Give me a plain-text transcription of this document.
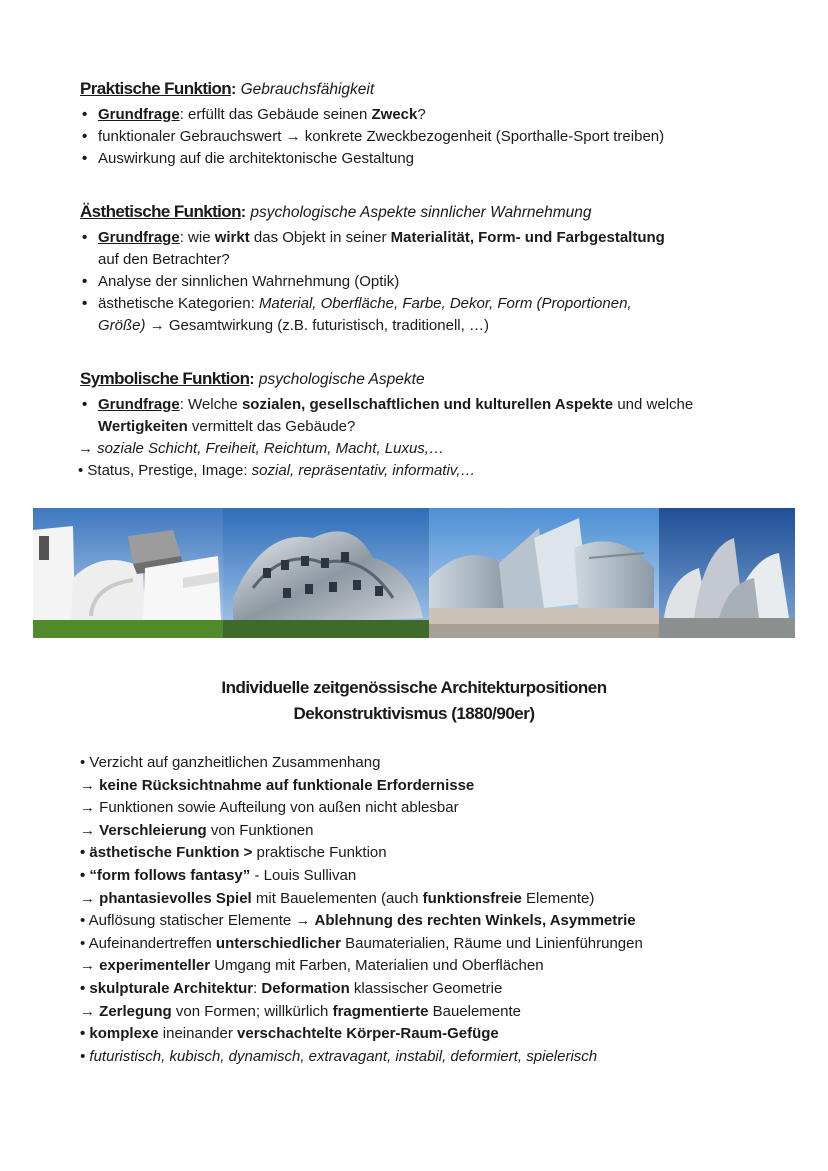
Praktische Funktion: Gebrauchsfähigkeit
• Grundfrage: erfüllt das Gebäude seinen Zweck?
• funktionaler Gebrauchswert → konkrete Zweckbezogenheit (Sporthalle-Sport treiben)
• Auswirkung auf die architektonische Gestaltung
Ästhetische Funktion: psychologische Aspekte sinnlicher Wahrnehmung
• Grundfrage: wie wirkt das Objekt in seiner Materialität, Form- und Farbgestaltung
auf den Betrachter?
• Analyse der sinnlichen Wahrnehmung (Optik)
• ästhetische Kategorien: Material, Oberfläche, Farbe, Dekor, Form (Proportionen,
Größe) → Gesamtwirkung (z.B. futuristisch, traditionell, …)
Symbolische Funktion: psychologische Aspekte
• Grundfrage: Welche sozialen, gesellschaftlichen und kulturellen Aspekte und welche
Wertigkeiten vermittelt das Gebäude?
→ soziale Schicht, Freiheit, Reichtum, Macht, Luxus,…
• Status, Prestige, Image: sozial, repräsentativ, informativ,…
Individuelle zeitgenössische Architekturpositionen
Dekonstruktivismus (1880/90er)
• Verzicht auf ganzheitlichen Zusammenhang
→ keine Rücksichtnahme auf funktionale Erfordernisse
→ Funktionen sowie Aufteilung von außen nicht ablesbar
→ Verschleierung von Funktionen
• ästhetische Funktion > praktische Funktion
• “form follows fantasy” - Louis Sullivan
→ phantasievolles Spiel mit Bauelementen (auch funktionsfreie Elemente)
• Auflösung statischer Elemente → Ablehnung des rechten Winkels, Asymmetrie
• Aufeinandertreffen unterschiedlicher Baumaterialien, Räume und Linienführungen
→ experimenteller Umgang mit Farben, Materialien und Oberflächen
• skulpturale Architektur: Deformation klassischer Geometrie
→ Zerlegung von Formen; willkürlich fragmentierte Bauelemente
• komplexe ineinander verschachtelte Körper-Raum-Gefüge
• futuristisch, kubisch, dynamisch, extravagant, instabil, deformiert, spielerisch
